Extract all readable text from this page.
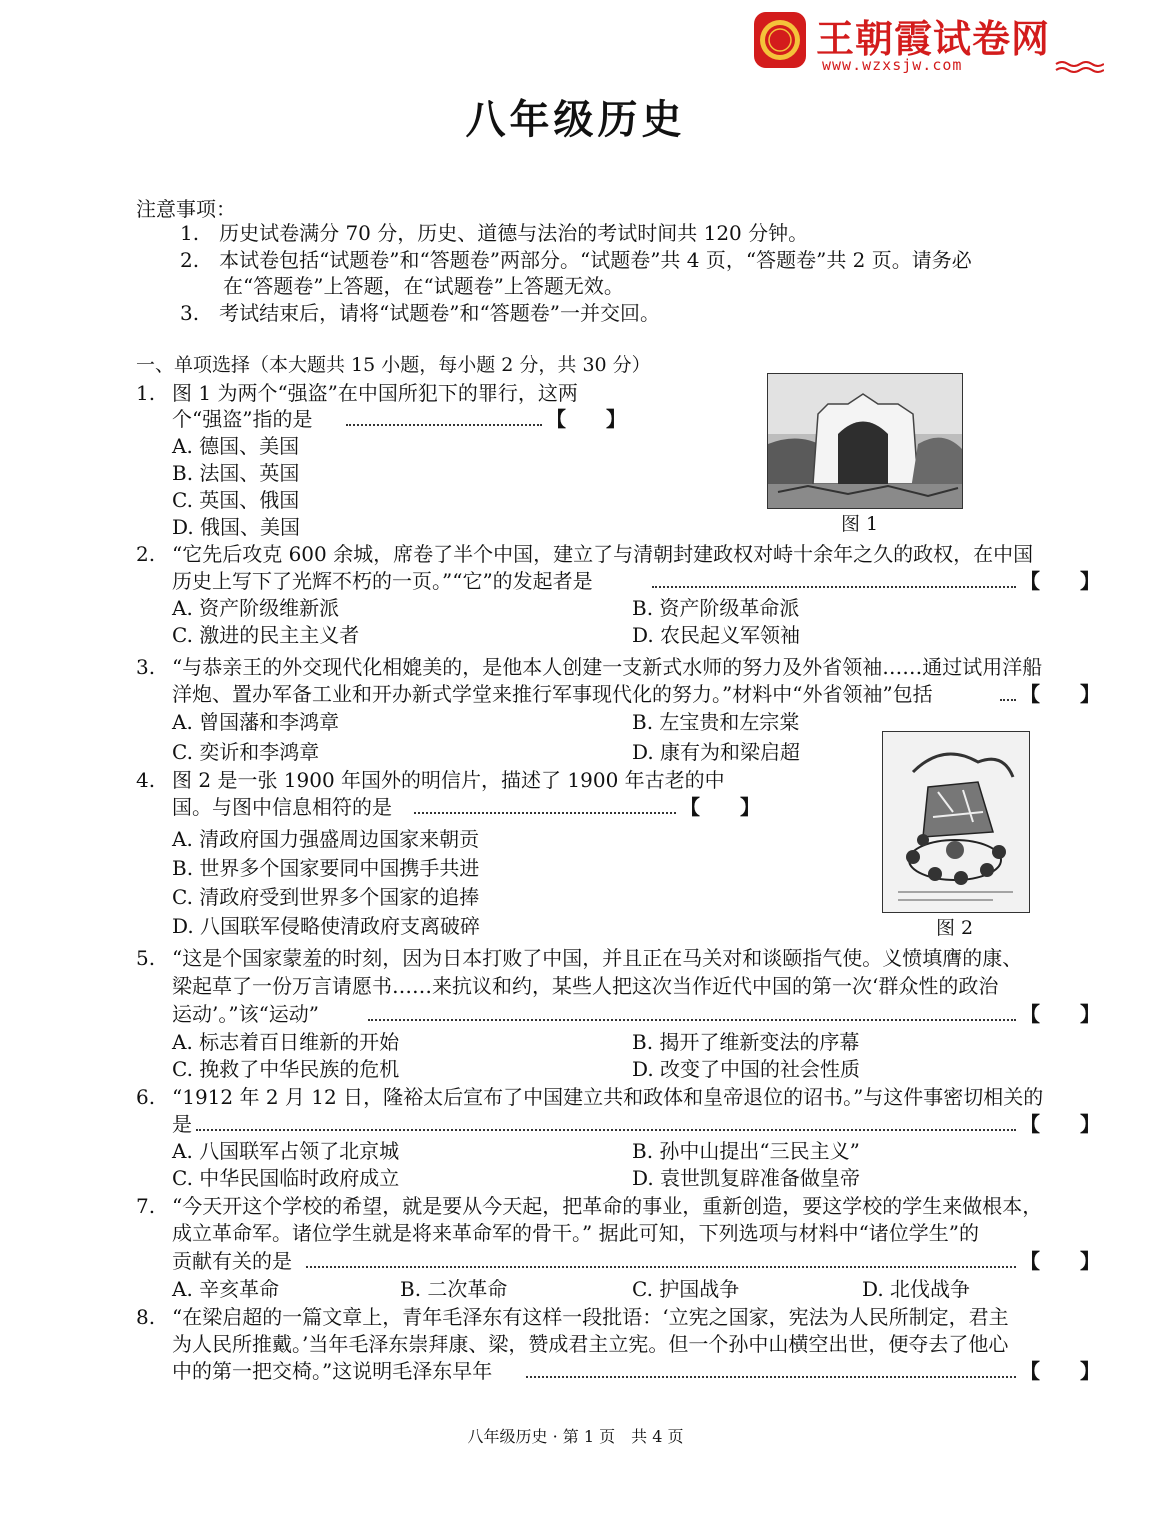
王朝霞试卷网
www.wzxsjw.com
八年级历史
注意事项：
1.　历史试卷满分 70 分，历史、道德与法治的考试时间共 120 分钟。
2.　本试卷包括“试题卷”和“答题卷”两部分。“试题卷”共 4 页，“答题卷”共 2 页。请务必
在“答题卷”上答题，在“试题卷”上答题无效。
3.　考试结束后，请将“试题卷”和“答题卷”一并交回。
一、单项选择（本大题共 15 小题，每小题 2 分，共 30 分）
1. 图 1 为两个“强盗”在中国所犯下的罪行，这两
个“强盗”指的是	【　　】
A. 德国、美国
B. 法国、英国
C. 英国、俄国
D. 俄国、美国	图 1
2. “它先后攻克 600 余城，席卷了半个中国，建立了与清朝封建政权对峙十余年之久的政权，在中国
历史上写下了光辉不朽的一页。”“它”的发起者是	【　　】
A. 资产阶级维新派	B. 资产阶级革命派
C. 激进的民主主义者	D. 农民起义军领袖
3. “与恭亲王的外交现代化相媲美的，是他本人创建一支新式水师的努力及外省领袖……通过试用洋船
洋炮、置办军备工业和开办新式学堂来推行军事现代化的努力。”材料中“外省领袖”包括	【　　】
A. 曾国藩和李鸿章	B. 左宝贵和左宗棠
C. 奕䜣和李鸿章	D. 康有为和梁启超
4. 图 2 是一张 1900 年国外的明信片，描述了 1900 年古老的中
国。与图中信息相符的是	【　　】
A. 清政府国力强盛周边国家来朝贡
B. 世界多个国家要同中国携手共进
C. 清政府受到世界多个国家的追捧
D. 八国联军侵略使清政府支离破碎	图 2
5. “这是个国家蒙羞的时刻，因为日本打败了中国，并且正在马关对和谈颐指气使。义愤填膺的康、
梁起草了一份万言请愿书……来抗议和约，某些人把这次当作近代中国的第一次‘群众性的政治
运动’。”该“运动”	【　　】
A. 标志着百日维新的开始	B. 揭开了维新变法的序幕
C. 挽救了中华民族的危机	D. 改变了中国的社会性质
6. “1912 年 2 月 12 日，隆裕太后宣布了中国建立共和政体和皇帝退位的诏书。”与这件事密切相关的
是	【　　】
A. 八国联军占领了北京城	B. 孙中山提出“三民主义”
C. 中华民国临时政府成立	D. 袁世凯复辟准备做皇帝
7. “今天开这个学校的希望，就是要从今天起，把革命的事业，重新创造，要这学校的学生来做根本，
成立革命军。诸位学生就是将来革命军的骨干。” 据此可知，下列选项与材料中“诸位学生”的
贡献有关的是	【　　】
A. 辛亥革命	B. 二次革命	C. 护国战争	D. 北伐战争
8. “在梁启超的一篇文章上，青年毛泽东有这样一段批语：‘立宪之国家，宪法为人民所制定，君主
为人民所推戴。’当年毛泽东崇拜康、梁，赞成君主立宪。但一个孙中山横空出世，便夺去了他心
中的第一把交椅。”这说明毛泽东早年	【　　】
八年级历史 · 第 1 页　共 4 页
